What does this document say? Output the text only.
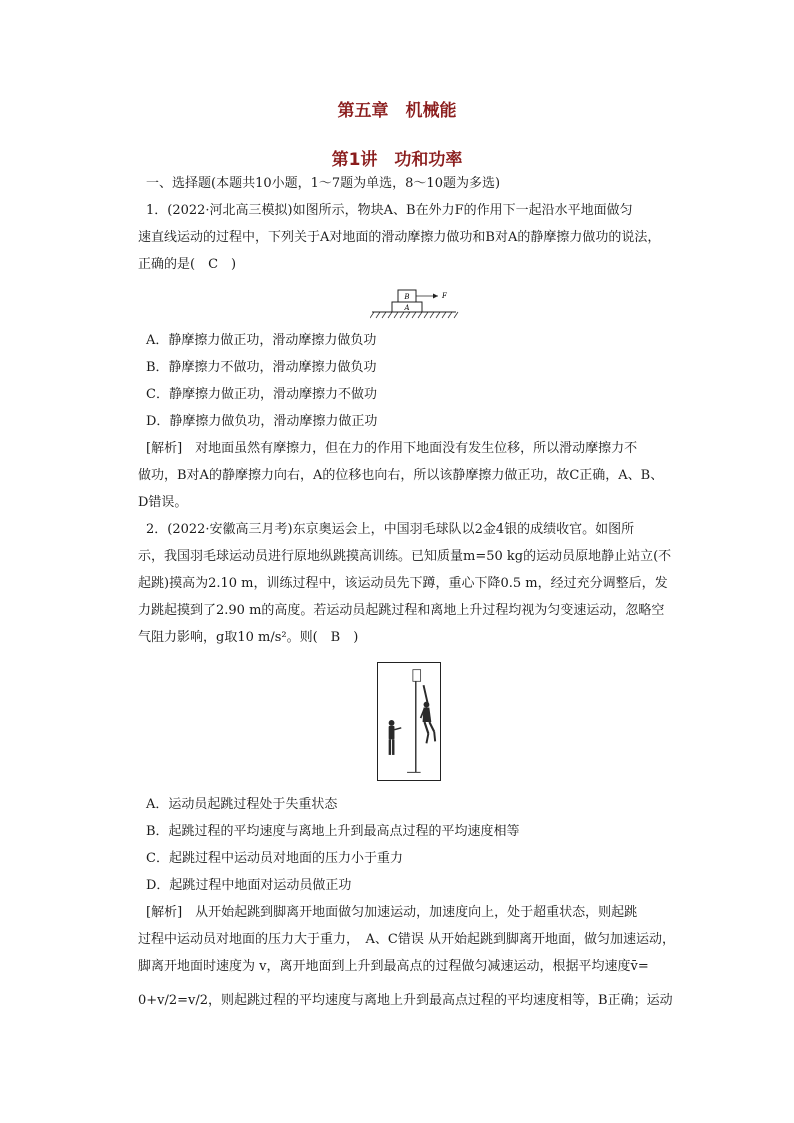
第五章　机械能
第1讲　功和功率
一、选择题(本题共10小题，1～7题为单选，8～10题为多选)
1．(2022·河北高三模拟)如图所示，物块A、B在外力F的作用下一起沿水平地面做匀
速直线运动的过程中，下列关于A对地面的滑动摩擦力做功和B对A的静摩擦力做功的说法，
正确的是(　C　)
B
A
F
A．静摩擦力做正功，滑动摩擦力做负功
B．静摩擦力不做功，滑动摩擦力做负功
C．静摩擦力做正功，滑动摩擦力不做功
D．静摩擦力做负功，滑动摩擦力做正功
[解析]　对地面虽然有摩擦力，但在力的作用下地面没有发生位移，所以滑动摩擦力不
做功，B对A的静摩擦力向右，A的位移也向右，所以该静摩擦力做正功，故C正确，A、B、
D错误。
2．(2022·安徽高三月考)东京奥运会上，中国羽毛球队以2金4银的成绩收官。如图所
示，我国羽毛球运动员进行原地纵跳摸高训练。已知质量m=50 kg的运动员原地静止站立(不
起跳)摸高为2.10 m，训练过程中，该运动员先下蹲，重心下降0.5 m，经过充分调整后，发
力跳起摸到了2.90 m的高度。若运动员起跳过程和离地上升过程均视为匀变速运动，忽略空
气阻力影响，g取10 m/s²。则(　B　)
A．运动员起跳过程处于失重状态
B．起跳过程的平均速度与离地上升到最高点过程的平均速度相等
C．起跳过程中运动员对地面的压力小于重力
D．起跳过程中地面对运动员做正功
[解析]　从开始起跳到脚离开地面做匀加速运动，加速度向上，处于超重状态，则起跳
过程中运动员对地面的压力大于重力，　A、C错误 从开始起跳到脚离开地面，做匀加速运动，
脚离开地面时速度为 v，离开地面到上升到最高点的过程做匀减速运动，根据平均速度v̄=
0+v/2=v/2，则起跳过程的平均速度与离地上升到最高点过程的平均速度相等，B正确；运动
